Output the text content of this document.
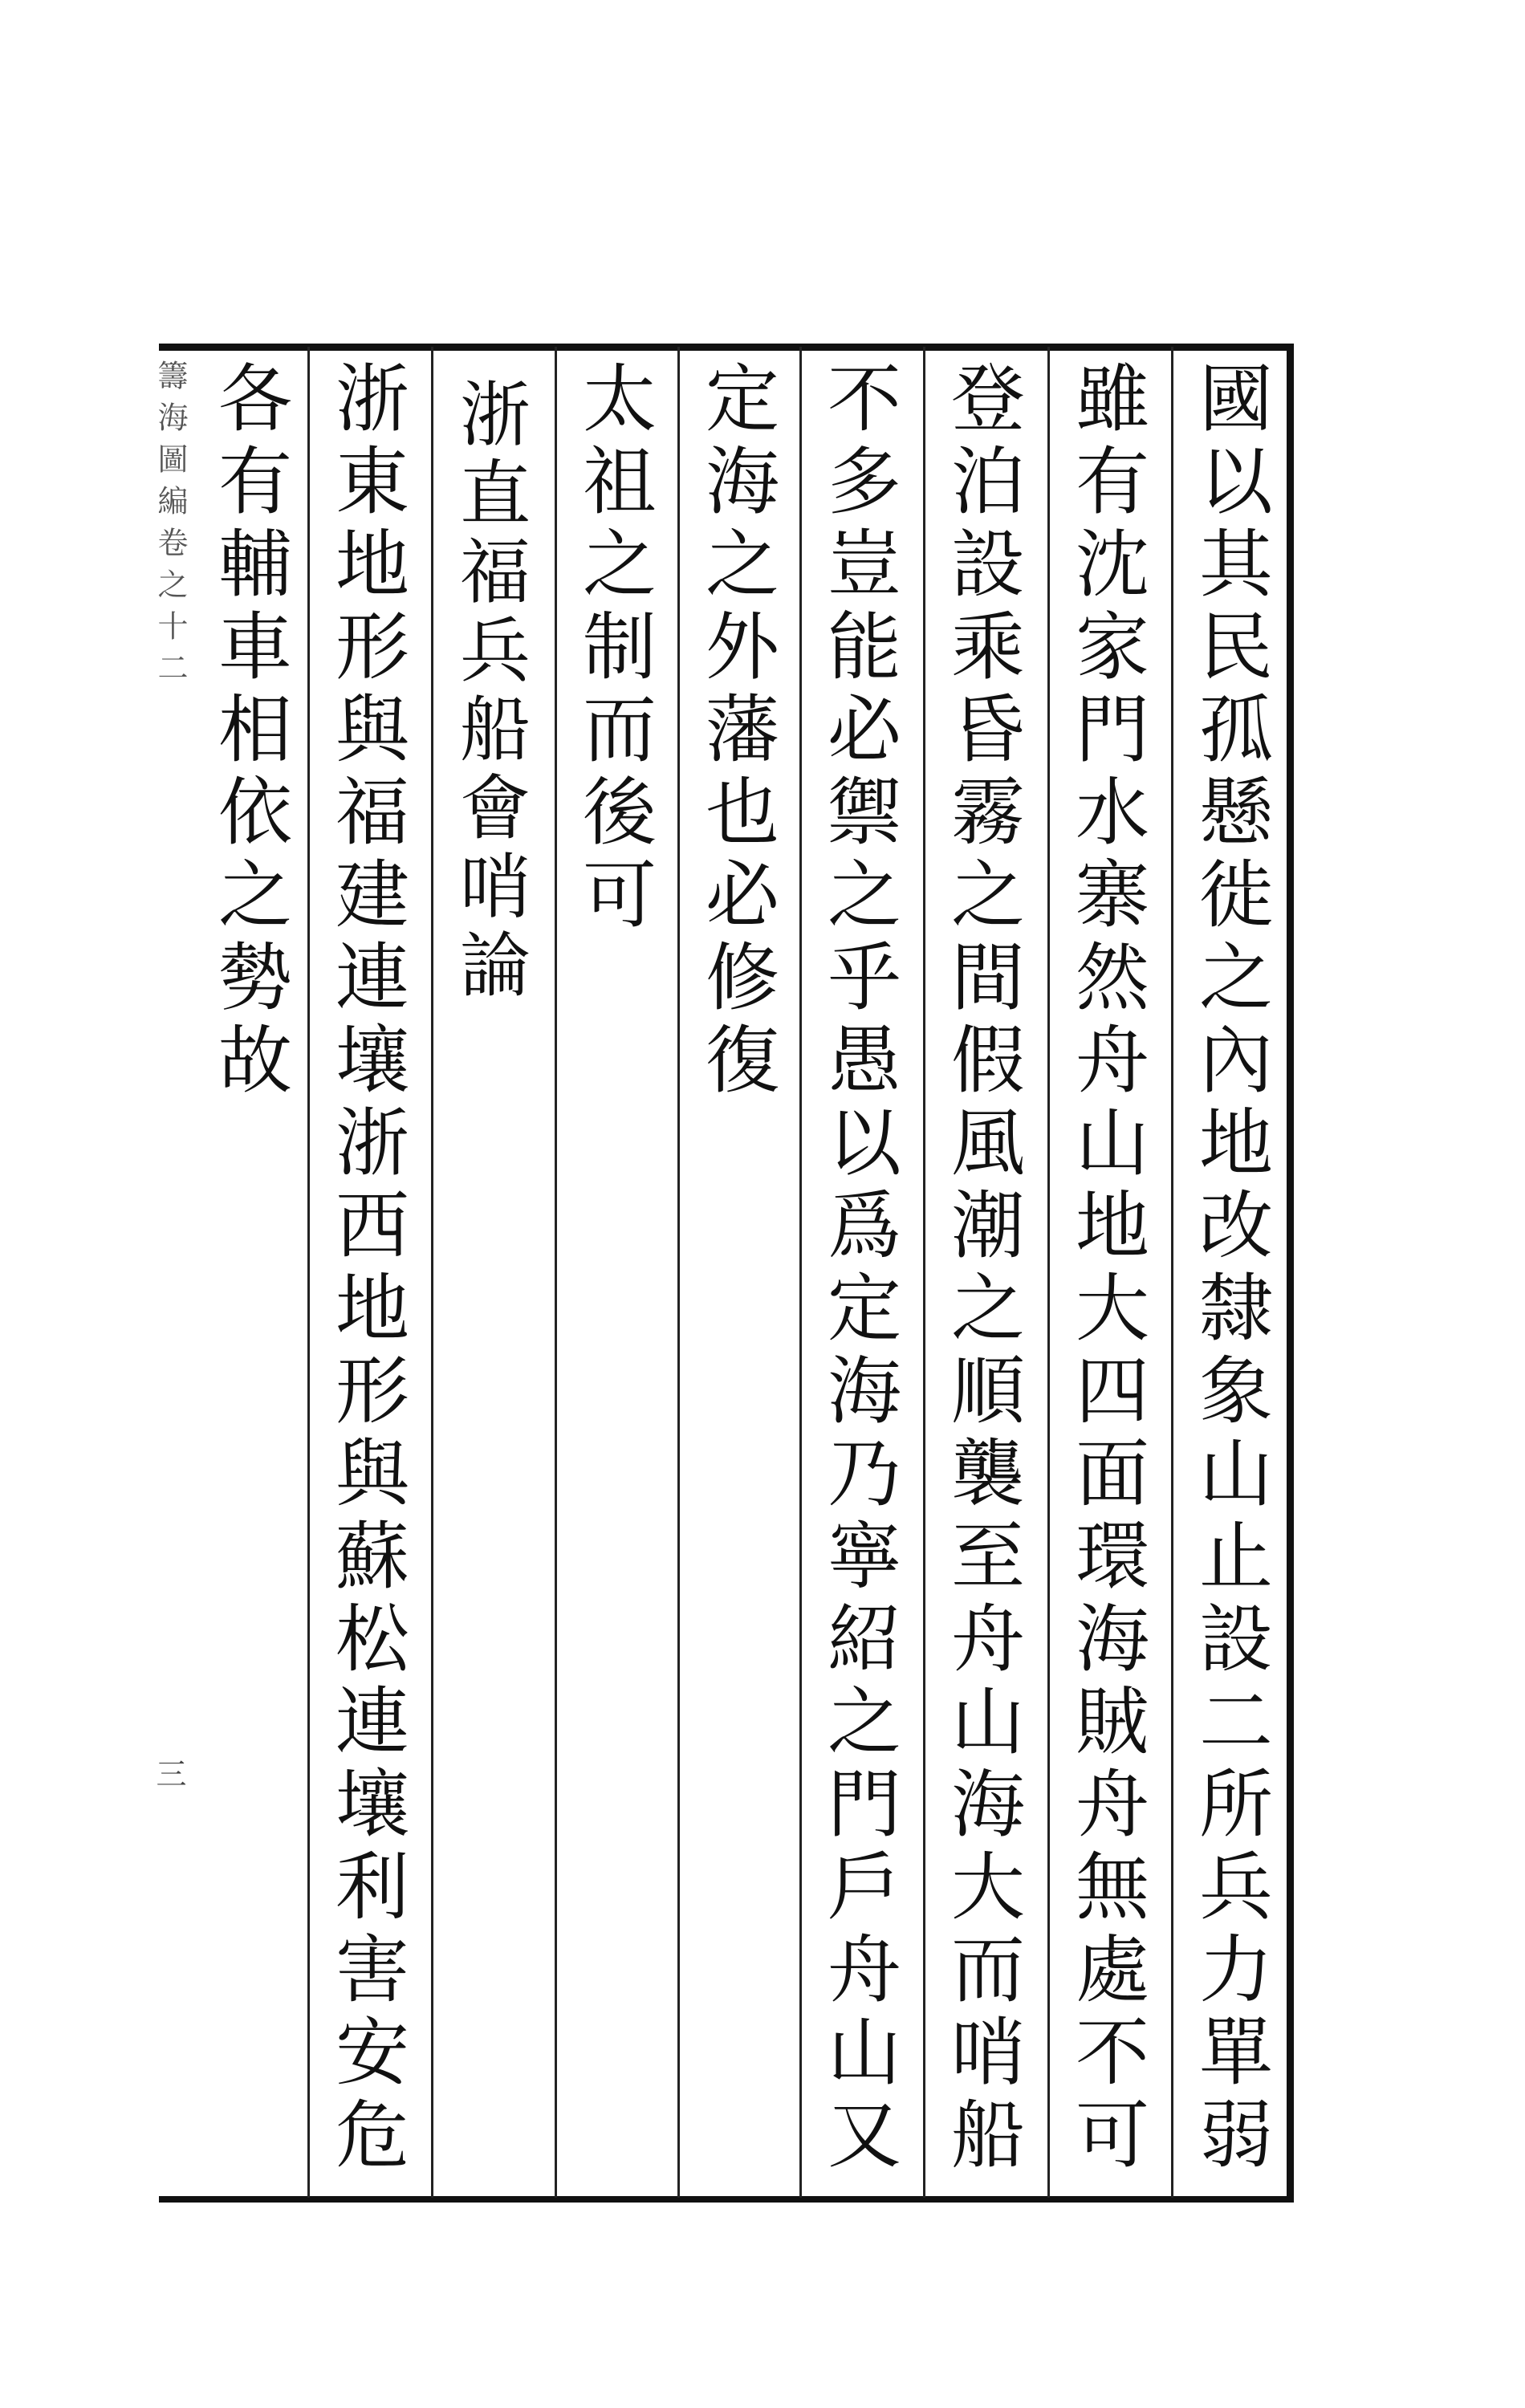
國以其民孤懸徙之內地改隸象山止設二所兵力單弱
雖有沈家門水寨然舟山地大四面環海賊舟無處不可
登泊設乘昏霧之間假風潮之順襲至舟山海大而哨船
不多豈能必禦之乎愚以爲定海乃寧紹之門戶舟山又
定海之外藩也必修復
太祖之制而後可
浙直福兵船會哨論
浙東地形與福建連壤浙西地形與蘇松連壤利害安危
各有輔車相依之勢故
籌海圖編卷之十二
三
